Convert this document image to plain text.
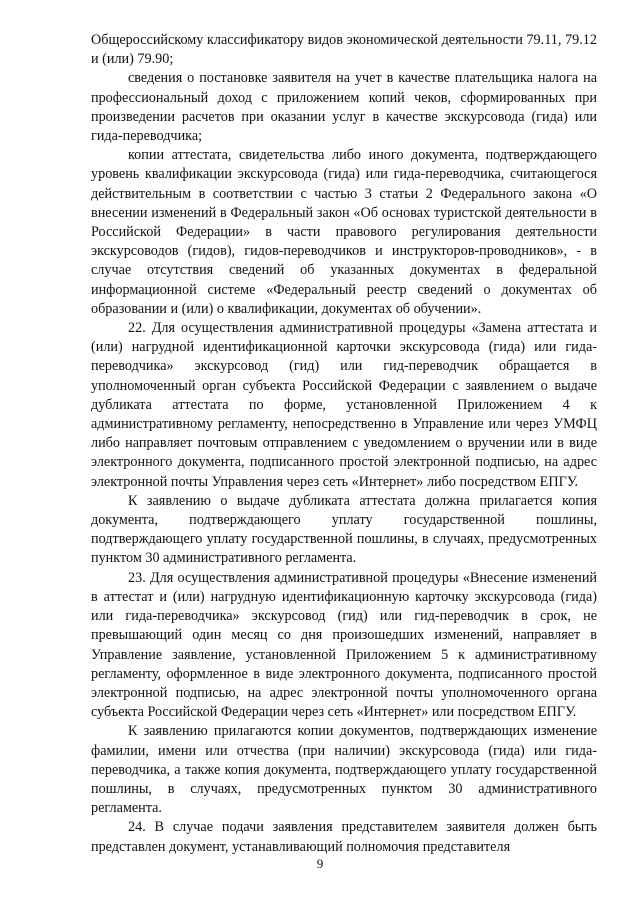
Общероссийскому классификатору видов экономической деятельности 79.11, 79.12 и (или) 79.90;

сведения о постановке заявителя на учет в качестве плательщика налога на профессиональный доход с приложением копий чеков, сформированных при произведении расчетов при оказании услуг в качестве экскурсовода (гида) или гида-переводчика;

копии аттестата, свидетельства либо иного документа, подтверждающего уровень квалификации экскурсовода (гида) или гида-переводчика, считающегося действительным в соответствии с частью 3 статьи 2 Федерального закона «О внесении изменений в Федеральный закон «Об основах туристской деятельности в Российской Федерации» в части правового регулирования деятельности экскурсоводов (гидов), гидов-переводчиков и инструкторов-проводников», - в случае отсутствия сведений об указанных документах в федеральной информационной системе «Федеральный реестр сведений о документах об образовании и (или) о квалификации, документах об обучении».

22. Для осуществления административной процедуры «Замена аттестата и (или) нагрудной идентификационной карточки экскурсовода (гида) или гида-переводчика» экскурсовод (гид) или гид-переводчик обращается в уполномоченный орган субъекта Российской Федерации с заявлением о выдаче дубликата аттестата по форме, установленной Приложением 4 к административному регламенту, непосредственно в Управление или через УМФЦ либо направляет почтовым отправлением с уведомлением о вручении или в виде электронного документа, подписанного простой электронной подписью, на адрес электронной почты Управления через сеть «Интернет» либо посредством ЕПГУ.

К заявлению о выдаче дубликата аттестата должна прилагается копия документа, подтверждающего уплату государственной пошлины, подтверждающего уплату государственной пошлины, в случаях, предусмотренных пунктом 30 административного регламента.

23. Для осуществления административной процедуры «Внесение изменений в аттестат и (или) нагрудную идентификационную карточку экскурсовода (гида) или гида-переводчика» экскурсовод (гид) или гид-переводчик в срок, не превышающий один месяц со дня произошедших изменений, направляет в Управление заявление, установленной Приложением 5 к административному регламенту, оформленное в виде электронного документа, подписанного простой электронной подписью, на адрес электронной почты уполномоченного органа субъекта Российской Федерации через сеть «Интернет» или посредством ЕПГУ.

К заявлению прилагаются копии документов, подтверждающих изменение фамилии, имени или отчества (при наличии) экскурсовода (гида) или гида-переводчика, а также копия документа, подтверждающего уплату государственной пошлины, в случаях, предусмотренных пунктом 30 административного регламента.

24. В случае подачи заявления представителем заявителя должен быть представлен документ, устанавливающий полномочия представителя

9
